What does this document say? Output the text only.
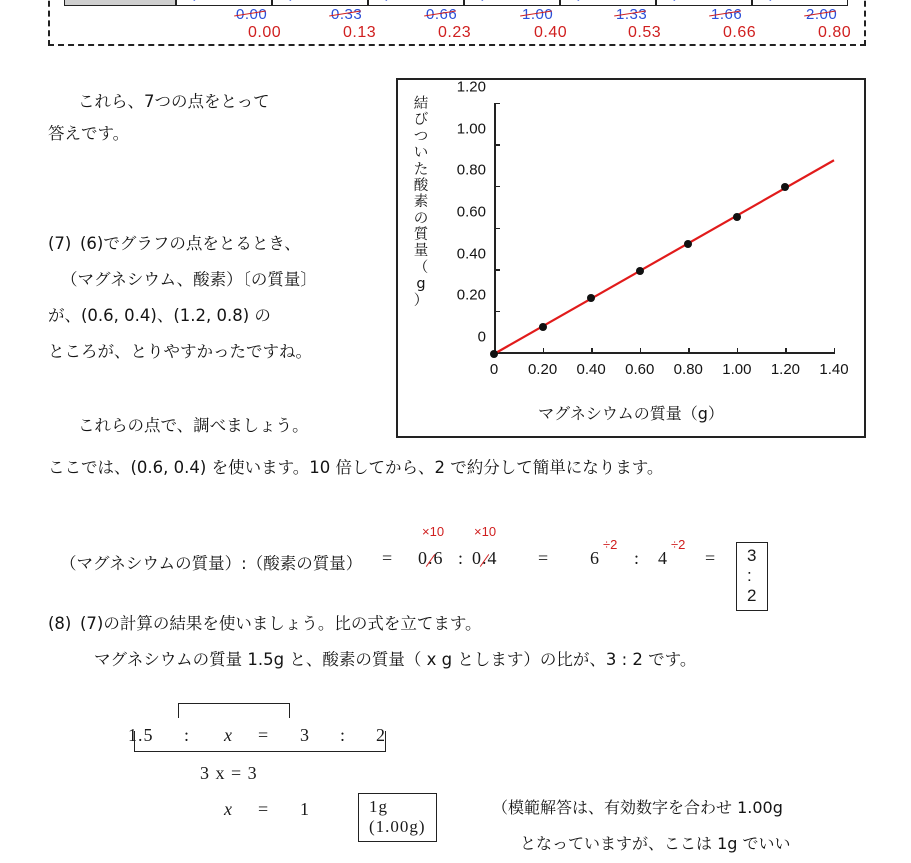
0.00	0.33	0.66	1.00	1.33	1.66	2.00
0.00	0.13	0.23	0.40	0.53	0.66	0.80
これら、7つの点をとって
答えです。
(7) (6)でグラフの点をとるとき、
（マグネシウム、酸素）〔の質量〕
が、(0.6, 0.4)、(1.2, 0.8) の
ところが、とりやすかったですね。
これらの点で、調べましょう。
ここでは、(0.6, 0.4) を使います。10 倍してから、2 で約分して簡単になります。
結
び
つ
い
た
酸
素
の
質
量
（
g
）
0
0.20
0.40
0.60
0.80
1.00
1.20
0 0.20 0.40 0.60 0.80 1.00 1.20 1.40
マグネシウムの質量（g）
（マグネシウムの質量）:（酸素の質量） = 0.6
×10
: 0.4
×10
= 6
÷2
: 4
÷2
=	3 : 2
(8) (7)の計算の結果を使いましょう。比の式を立てます。
マグネシウムの質量 1.5g と、酸素の質量（ x g とします）の比が、3 : 2 です。
1.5 : x = 3 : 2
3 x = 3
x = 1	1g (1.00g)
（模範解答は、有効数字を合わせ 1.00g
となっていますが、ここは 1g でいい
